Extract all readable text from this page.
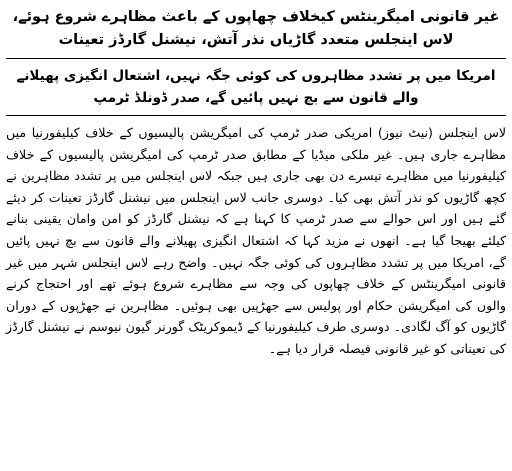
غیر قانونی امیگرینٹس کیخلاف چھاپوں کے باعث مظاہرے شروع ہوئے، لاس اینجلس متعدد گاڑیاں نذر آتش، نیشنل گارڈز تعینات
امریکا میں پر تشدد مظاہروں کی کوئی جگہ نہیں، اشتعال انگیزی پھیلانے والے قانون سے بچ نہیں پائیں گے، صدر ڈونلڈ ٹرمپ

لاس اینجلس (نیٹ نیوز) امریکی صدر ٹرمپ کی امیگریشن پالیسیوں کے خلاف کیلیفورنیا میں مظاہرے جاری ہیں۔ غیر ملکی میڈیا کے مطابق صدر ٹرمپ کی امیگریشن پالیسیوں کے خلاف کیلیفورنیا میں مظاہرے تیسرے دن بھی جاری ہیں جبکہ لاس اینجلس میں پر تشدد مظاہرین نے کچھ گاڑیوں کو نذر آتش بھی کیا۔ دوسری جانب لاس اینجلس میں نیشنل گارڈز تعینات کر دیئے گئے ہیں اور اس حوالے سے صدر ٹرمپ کا کہنا ہے کہ نیشنل گارڈز کو امن وامان یقینی بنانے کیلئے بھیجا گیا ہے۔ انھوں نے مزید کہا کہ اشتعال انگیزی پھیلانے والے قانون سے بچ نہیں پائیں گے، امریکا میں پر تشدد مظاہروں کی کوئی جگہ نہیں۔ واضح رہے لاس اینجلس شہر میں غیر قانونی امیگرینٹس کے خلاف چھاپوں کی وجہ سے مظاہرے شروع ہوئے تھے اور احتجاج کرنے والوں کی امیگریشن حکام اور پولیس سے جھڑپیں بھی ہوئیں۔ مظاہرین نے جھڑپوں کے دوران گاڑیوں کو آگ لگادی۔ دوسری طرف کیلیفورنیا کے ڈیموکریٹک گورنر گیون نیوسم نے نیشنل گارڈز کی تعیناتی کو غیر قانونی فیصلہ قرار دیا ہے۔
